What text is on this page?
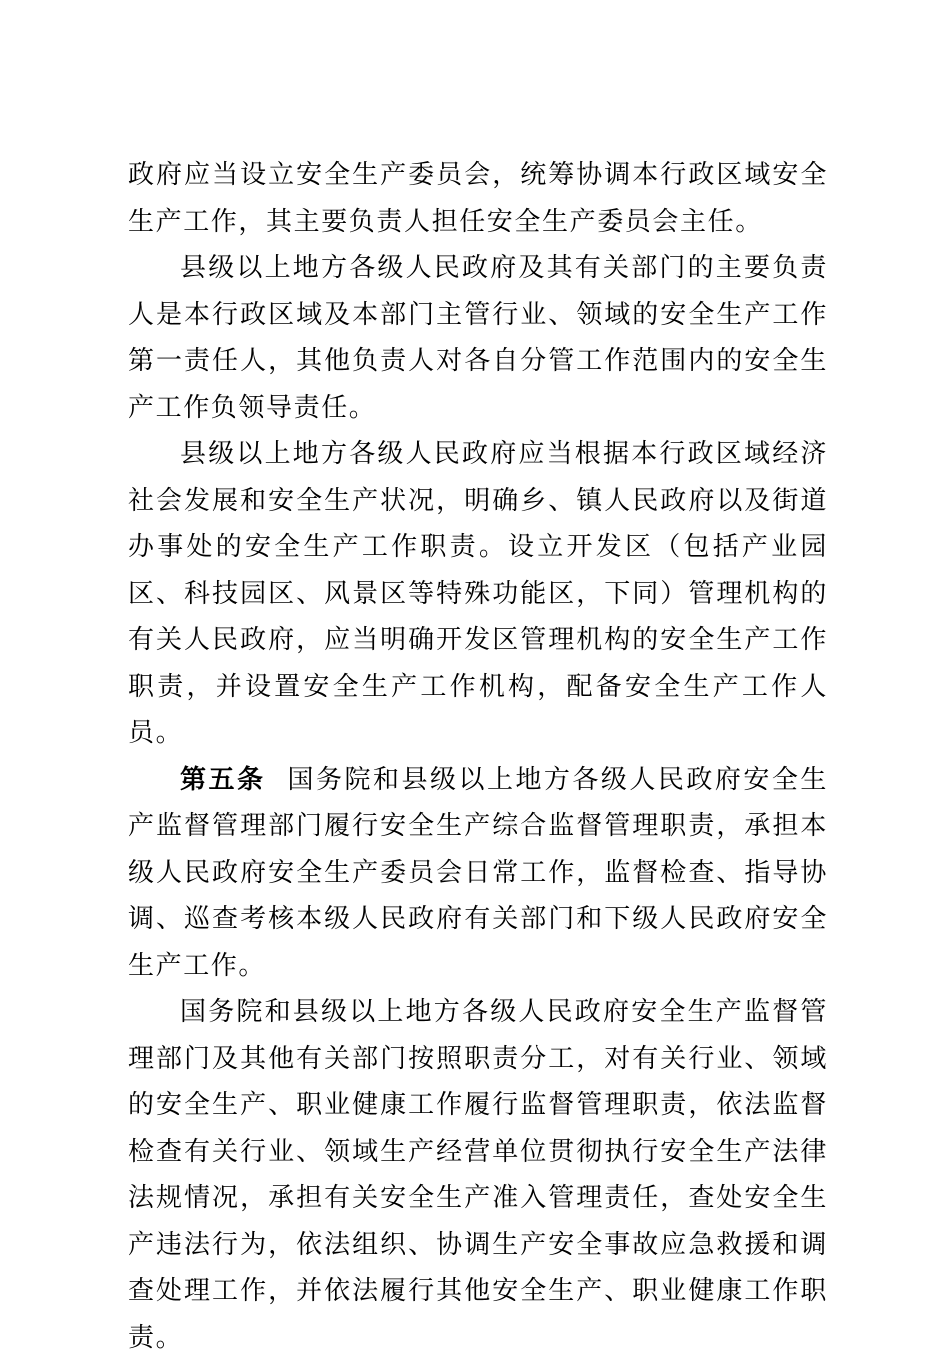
政府应当设立安全生产委员会，统筹协调本行政区域安全生产工作，其主要负责人担任安全生产委员会主任。

县级以上地方各级人民政府及其有关部门的主要负责人是本行政区域及本部门主管行业、领域的安全生产工作第一责任人，其他负责人对各自分管工作范围内的安全生产工作负领导责任。

县级以上地方各级人民政府应当根据本行政区域经济社会发展和安全生产状况，明确乡、镇人民政府以及街道办事处的安全生产工作职责。设立开发区（包括产业园区、科技园区、风景区等特殊功能区，下同）管理机构的有关人民政府，应当明确开发区管理机构的安全生产工作职责，并设置安全生产工作机构，配备安全生产工作人员。

第五条 国务院和县级以上地方各级人民政府安全生产监督管理部门履行安全生产综合监督管理职责，承担本级人民政府安全生产委员会日常工作，监督检查、指导协调、巡查考核本级人民政府有关部门和下级人民政府安全生产工作。

国务院和县级以上地方各级人民政府安全生产监督管理部门及其他有关部门按照职责分工，对有关行业、领域的安全生产、职业健康工作履行监督管理职责，依法监督检查有关行业、领域生产经营单位贯彻执行安全生产法律法规情况，承担有关安全生产准入管理责任，查处安全生产违法行为，依法组织、协调生产安全事故应急救援和调查处理工作，并依法履行其他安全生产、职业健康工作职责。
